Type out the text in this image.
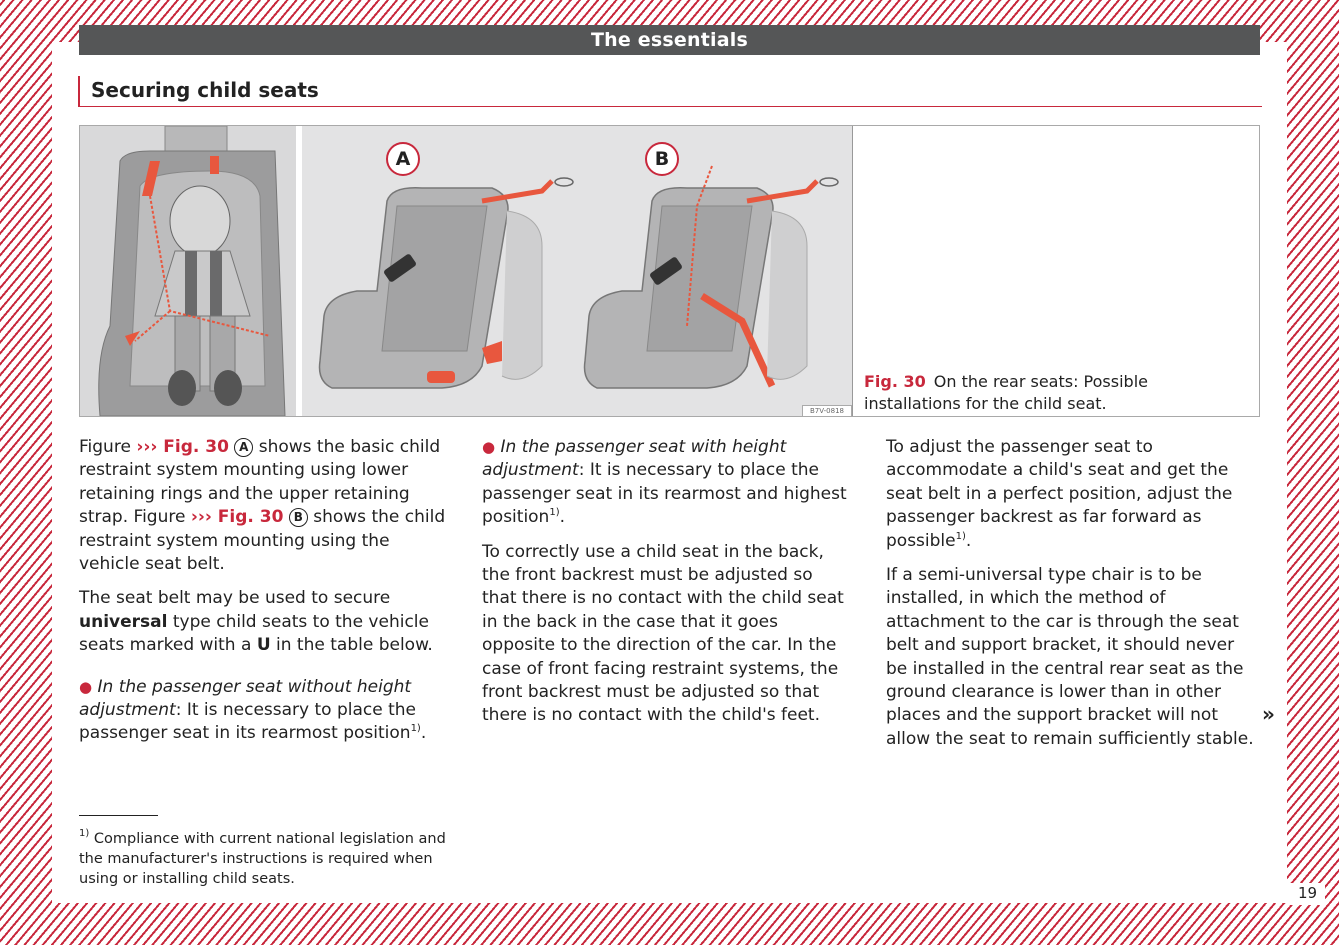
19
The essentials
Securing child seats
A	B
B7V-0818
Fig. 30 On the rear seats: Possible installations for the child seat.

Figure ››› Fig. 30 A shows the basic child restraint system mounting using lower retaining rings and the upper retaining strap. Figure ››› Fig. 30 B shows the child restraint system mounting using the vehicle seat belt.

The seat belt may be used to secure universal type child seats to the vehicle seats marked with a U in the table below.

● In the passenger seat without height adjustment: It is necessary to place the passenger seat in its rearmost position$^{1)}$.

● In the passenger seat with height adjustment: It is necessary to place the passenger seat in its rearmost and highest position$^{1)}$.

To correctly use a child seat in the back, the front backrest must be adjusted so that there is no contact with the child seat in the back in the case that it goes opposite to the direction of the car. In the case of front facing restraint systems, the front backrest must be adjusted so that there is no contact with the child's feet.

To adjust the passenger seat to accommodate a child's seat and get the seat belt in a perfect position, adjust the passenger backrest as far forward as possible$^{1)}$.

If a semi-universal type chair is to be installed, in which the method of attachment to the car is through the seat belt and support bracket, it should never be installed in the central rear seat as the ground clearance is lower than in other places and the support bracket will not allow the seat to remain sufficiently stable.

»
$^{1)}$ Compliance with current national legislation and the manufacturer's instructions is required when using or installing child seats.
